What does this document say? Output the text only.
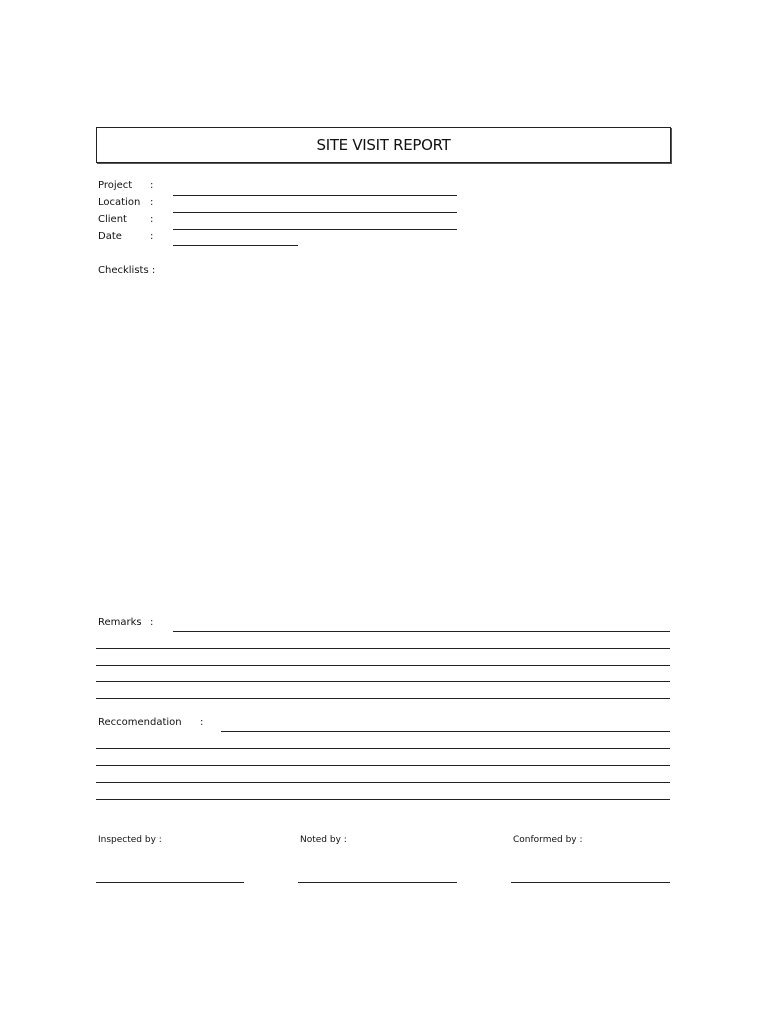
SITE VISIT REPORT
Project :
Location :
Client :
Date	:
Checklists :
Remarks :
Reccomendation :
Inspected by :	Noted by :	Conformed by :
